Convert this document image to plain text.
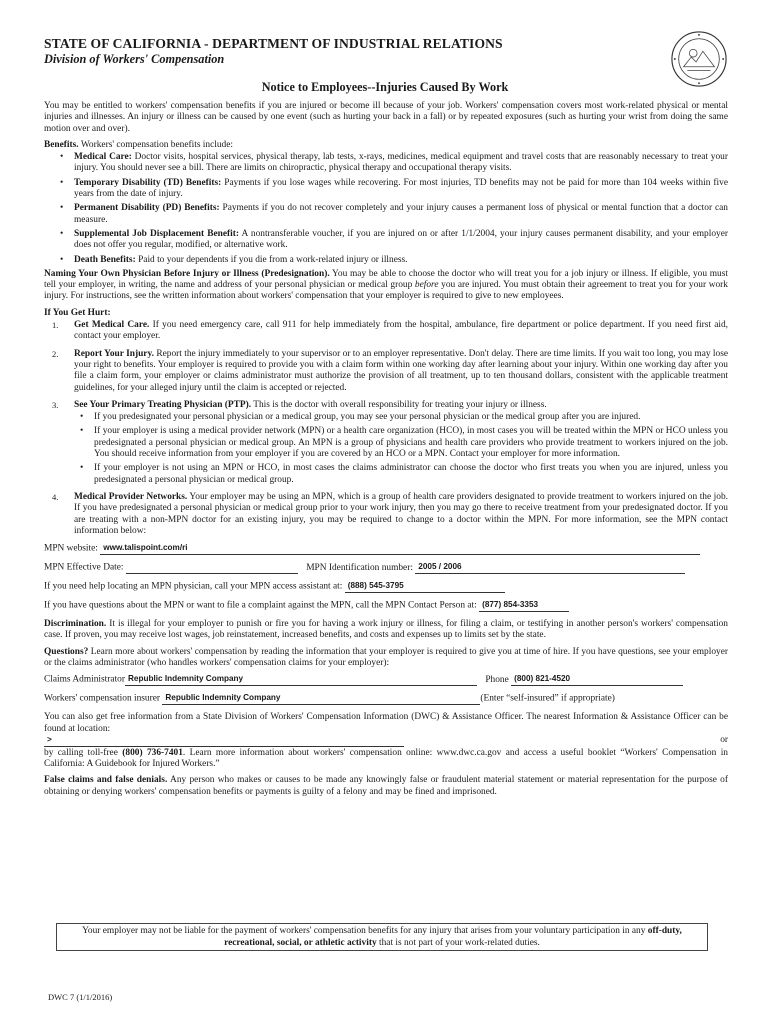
STATE OF CALIFORNIA - DEPARTMENT OF INDUSTRIAL RELATIONS
Division of Workers' Compensation
Notice to Employees--Injuries Caused By Work

You may be entitled to workers' compensation benefits if you are injured or become ill because of your job. Workers' compensation covers most work-related physical or mental injuries and illnesses. An injury or illness can be caused by one event (such as hurting your back in a fall) or by repeated exposures (such as hurting your wrist from doing the same motion over and over).

Benefits. Workers' compensation benefits include:

• Medical Care: Doctor visits, hospital services, physical therapy, lab tests, x-rays, medicines, medical equipment and travel costs that are reasonably necessary to treat your injury. You should never see a bill. There are limits on chiropractic, physical therapy and occupational therapy visits.
• Temporary Disability (TD) Benefits: Payments if you lose wages while recovering. For most injuries, TD benefits may not be paid for more than 104 weeks within five years from the date of injury.
• Permanent Disability (PD) Benefits: Payments if you do not recover completely and your injury causes a permanent loss of physical or mental function that a doctor can measure.
• Supplemental Job Displacement Benefit: A nontransferable voucher, if you are injured on or after 1/1/2004, your injury causes permanent disability, and your employer does not offer you regular, modified, or alternative work.
• Death Benefits: Paid to your dependents if you die from a work-related injury or illness.

Naming Your Own Physician Before Injury or Illness (Predesignation). You may be able to choose the doctor who will treat you for a job injury or illness. If eligible, you must tell your employer, in writing, the name and address of your personal physician or medical group before you are injured. You must obtain their agreement to treat you for your work injury. For instructions, see the written information about workers' compensation that your employer is required to give to new employees.

If You Get Hurt:

1. Get Medical Care. If you need emergency care, call 911 for help immediately from the hospital, ambulance, fire department or police department. If you need first aid, contact your employer.
2. Report Your Injury. Report the injury immediately to your supervisor or to an employer representative. Don't delay. There are time limits. If you wait too long, you may lose your right to benefits. Your employer is required to provide you with a claim form within one working day after learning about your injury. Within one working day after you file a claim form, your employer or claims administrator must authorize the provision of all treatment, up to ten thousand dollars, consistent with the applicable treatment guidelines, for your alleged injury until the claim is accepted or rejected.
3. See Your Primary Treating Physician (PTP). This is the doctor with overall responsibility for treating your injury or illness.
• If you predesignated your personal physician or a medical group, you may see your personal physician or the medical group after you are injured.
• If your employer is using a medical provider network (MPN) or a health care organization (HCO), in most cases you will be treated within the MPN or HCO unless you predesignated a personal physician or medical group. An MPN is a group of physicians and health care providers who provide treatment to workers injured on the job. You should receive information from your employer if you are covered by an HCO or a MPN. Contact your employer for more information.
• If your employer is not using an MPN or HCO, in most cases the claims administrator can choose the doctor who first treats you when you are injured, unless you predesignated a personal physician or medical group.
4. Medical Provider Networks. Your employer may be using an MPN, which is a group of health care providers designated to provide treatment to workers injured on the job. If you have predesignated a personal physician or medical group prior to your work injury, then you may go there to receive treatment from your predesignated doctor. If you are treating with a non-MPN doctor for an existing injury, you may be required to change to a doctor within the MPN. For more information, see the MPN contact information below:
MPN website: www.talispoint.com/ri
MPN Effective Date:	MPN Identification number: 2005 / 2006
If you need help locating an MPN physician, call your MPN access assistant at: (888) 545-3795
If you have questions about the MPN or want to file a complaint against the MPN, call the MPN Contact Person at: (877) 854-3353

Discrimination. It is illegal for your employer to punish or fire you for having a work injury or illness, for filing a claim, or testifying in another person's workers' compensation case. If proven, you may receive lost wages, job reinstatement, increased benefits, and costs and expenses up to limits set by the state.

Questions? Learn more about workers' compensation by reading the information that your employer is required to give you at time of hire. If you have questions, see your employer or the claims administrator (who handles workers' compensation claims for your employer):

Claims Administrator Republic Indemnity Company	Phone (800) 821-4520
Workers' compensation insurer Republic Indemnity Company	(Enter “self-insured” if appropriate)

You can also get free information from a State Division of Workers' Compensation Information (DWC) & Assistance Officer. The nearest Information & Assistance Officer can be found at location:

>	or

by calling toll-free (800) 736-7401. Learn more information about workers' compensation online: www.dwc.ca.gov and access a useful booklet “Workers' Compensation in California: A Guidebook for Injured Workers.”

False claims and false denials. Any person who makes or causes to be made any knowingly false or fraudulent material statement or material representation for the purpose of obtaining or denying workers' compensation benefits or payments is guilty of a felony and may be fined and imprisoned.

Your employer may not be liable for the payment of workers' compensation benefits for any injury that arises from your voluntary participation in any off-duty, recreational, social, or athletic activity that is not part of your work-related duties.
DWC 7 (1/1/2016)
